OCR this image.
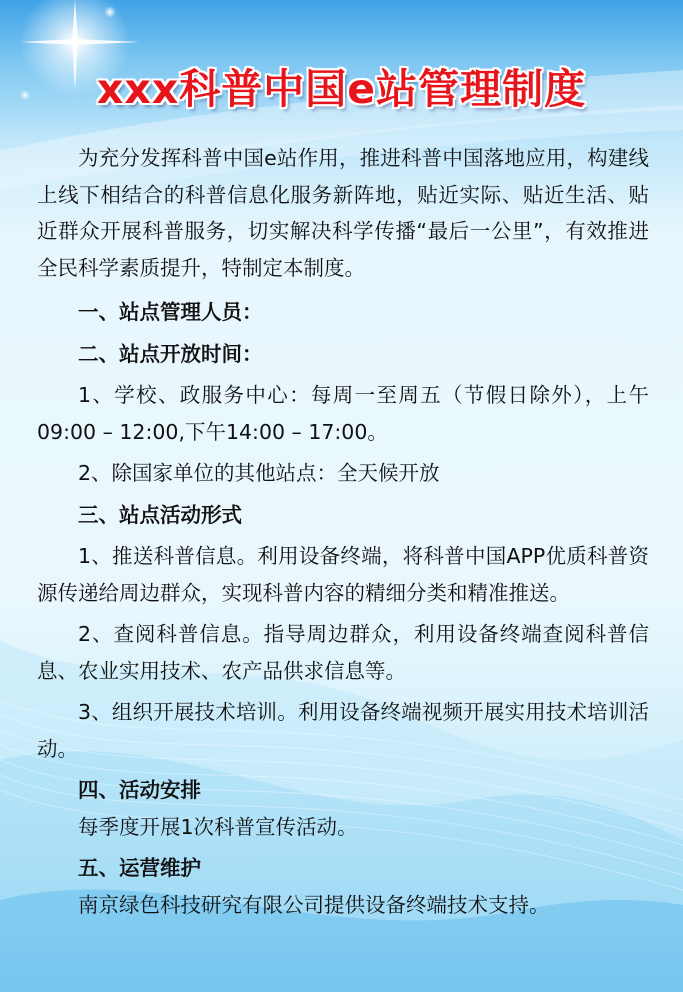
xxx科普中国e站管理制度

为充分发挥科普中国e站作用，推进科普中国落地应用，构建线上线下相结合的科普信息化服务新阵地，贴近实际、贴近生活、贴近群众开展科普服务，切实解决科学传播“最后一公里”，有效推进全民科学素质提升，特制定本制度。

一、站点管理人员：

二、站点开放时间：

1、学校、政服务中心：每周一至周五（节假日除外），上午09:00 – 12:00,下午14:00 – 17:00。

2、除国家单位的其他站点：全天候开放

三、站点活动形式

1、推送科普信息。利用设备终端，将科普中国APP优质科普资源传递给周边群众，实现科普内容的精细分类和精准推送。

2、查阅科普信息。指导周边群众，利用设备终端查阅科普信息、农业实用技术、农产品供求信息等。

3、组织开展技术培训。利用设备终端视频开展实用技术培训活动。

四、活动安排

每季度开展1次科普宣传活动。

五、运营维护

南京绿色科技研究有限公司提供设备终端技术支持。
